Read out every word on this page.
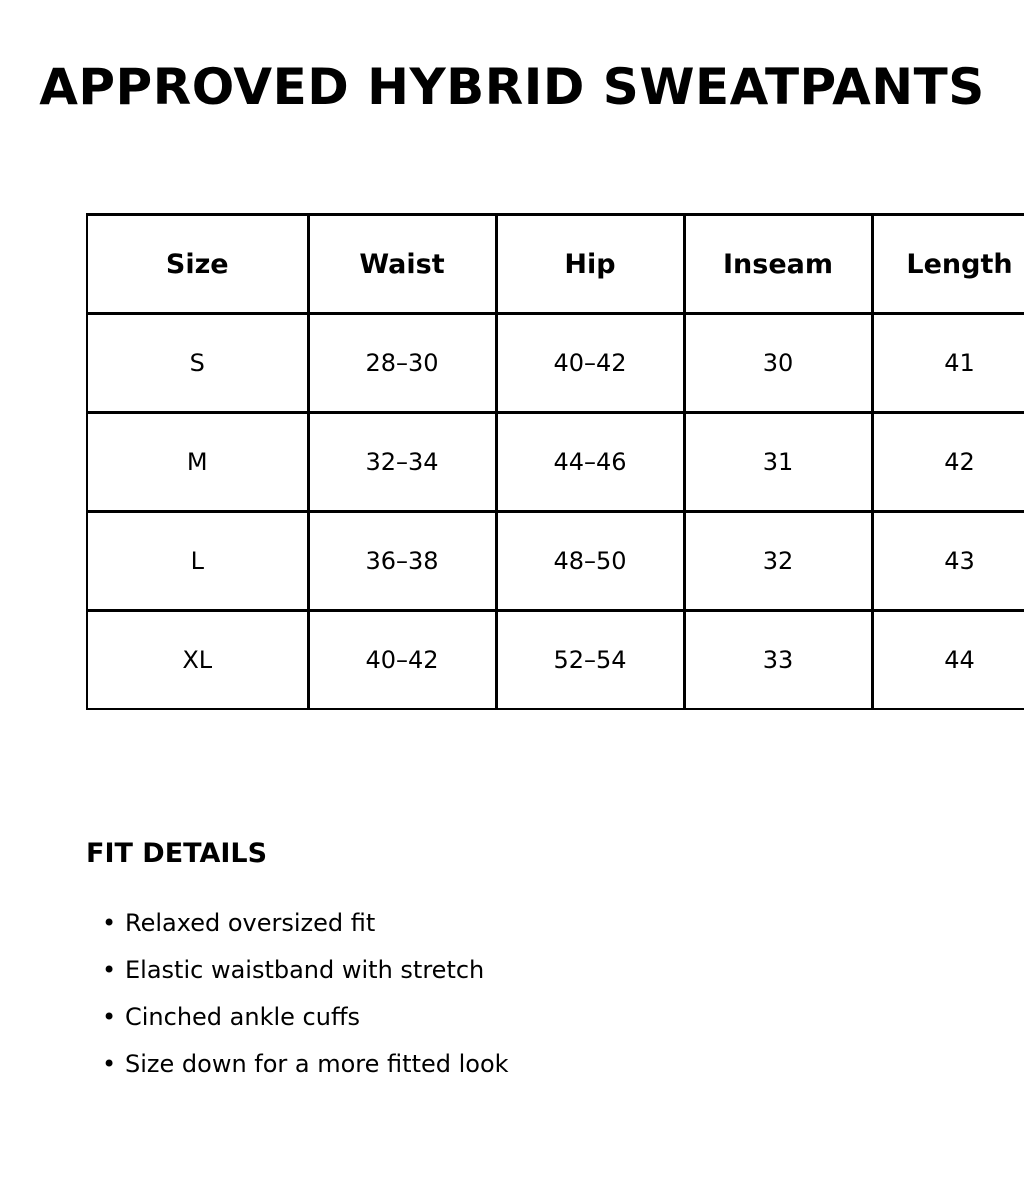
APPROVED HYBRID SWEATPANTS
Size	Waist	Hip	Inseam	Length
S	28–30	40–42	30	41
M	32–34	44–46	31	42
L	36–38	48–50	32	43
XL	40–42	52–54	33	44
FIT DETAILS
• Relaxed oversized fit
• Elastic waistband with stretch
• Cinched ankle cuffs
• Size down for a more fitted look
